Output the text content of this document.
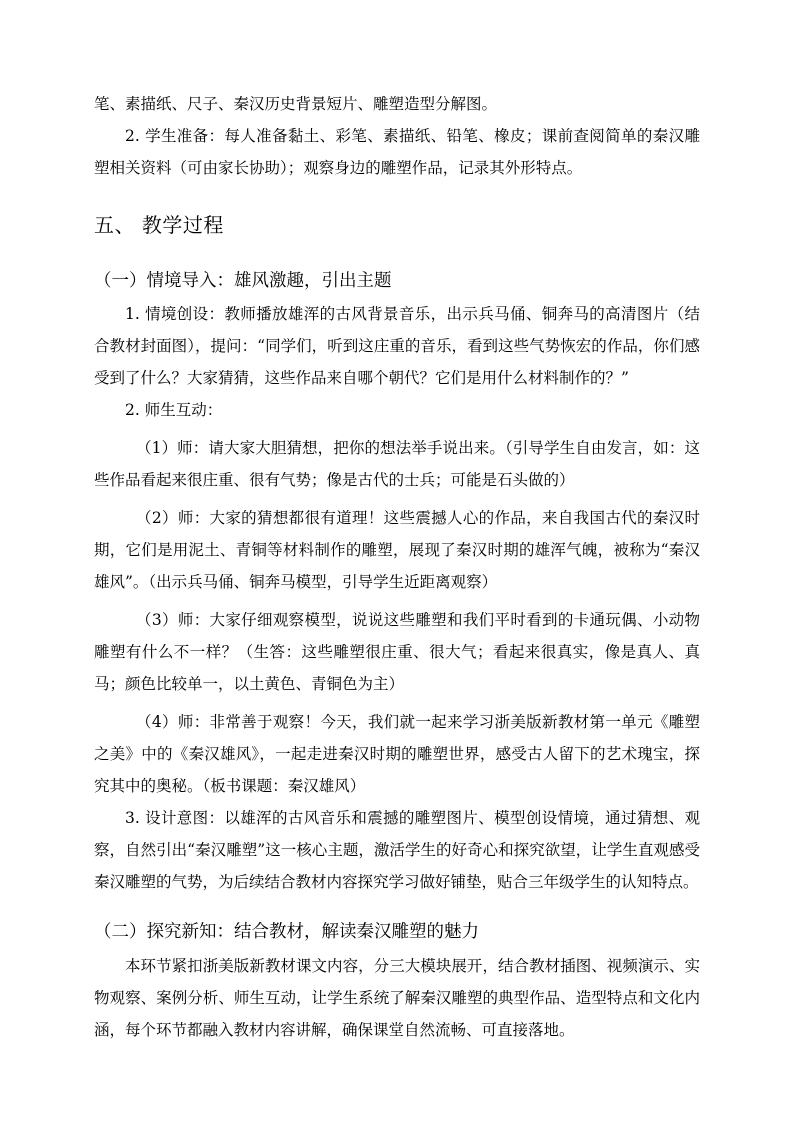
笔、素描纸、尺子、秦汉历史背景短片、雕塑造型分解图。

2. 学生准备：每人准备黏土、彩笔、素描纸、铅笔、橡皮；课前查阅简单的秦汉雕塑相关资料（可由家长协助）；观察身边的雕塑作品，记录其外形特点。

五、 教学过程
（一）情境导入：雄风激趣，引出主题

1. 情境创设：教师播放雄浑的古风背景音乐，出示兵马俑、铜奔马的高清图片（结合教材封面图），提问：“同学们，听到这庄重的音乐，看到这些气势恢宏的作品，你们感受到了什么？大家猜猜，这些作品来自哪个朝代？它们是用什么材料制作的？”

2. 师生互动：

（1）师：请大家大胆猜想，把你的想法举手说出来。（引导学生自由发言，如：这些作品看起来很庄重、很有气势；像是古代的士兵；可能是石头做的）

（2）师：大家的猜想都很有道理！这些震撼人心的作品，来自我国古代的秦汉时期，它们是用泥土、青铜等材料制作的雕塑，展现了秦汉时期的雄浑气魄，被称为“秦汉雄风”。（出示兵马俑、铜奔马模型，引导学生近距离观察）

（3）师：大家仔细观察模型，说说这些雕塑和我们平时看到的卡通玩偶、小动物雕塑有什么不一样？（生答：这些雕塑很庄重、很大气；看起来很真实，像是真人、真马；颜色比较单一，以土黄色、青铜色为主）

（4）师：非常善于观察！今天，我们就一起来学习浙美版新教材第一单元《雕塑之美》中的《秦汉雄风》，一起走进秦汉时期的雕塑世界，感受古人留下的艺术瑰宝，探究其中的奥秘。（板书课题：秦汉雄风）

3. 设计意图：以雄浑的古风音乐和震撼的雕塑图片、模型创设情境，通过猜想、观察，自然引出“秦汉雕塑”这一核心主题，激活学生的好奇心和探究欲望，让学生直观感受秦汉雕塑的气势，为后续结合教材内容探究学习做好铺垫，贴合三年级学生的认知特点。

（二）探究新知：结合教材，解读秦汉雕塑的魅力

本环节紧扣浙美版新教材课文内容，分三大模块展开，结合教材插图、视频演示、实物观察、案例分析、师生互动，让学生系统了解秦汉雕塑的典型作品、造型特点和文化内涵，每个环节都融入教材内容讲解，确保课堂自然流畅、可直接落地。
